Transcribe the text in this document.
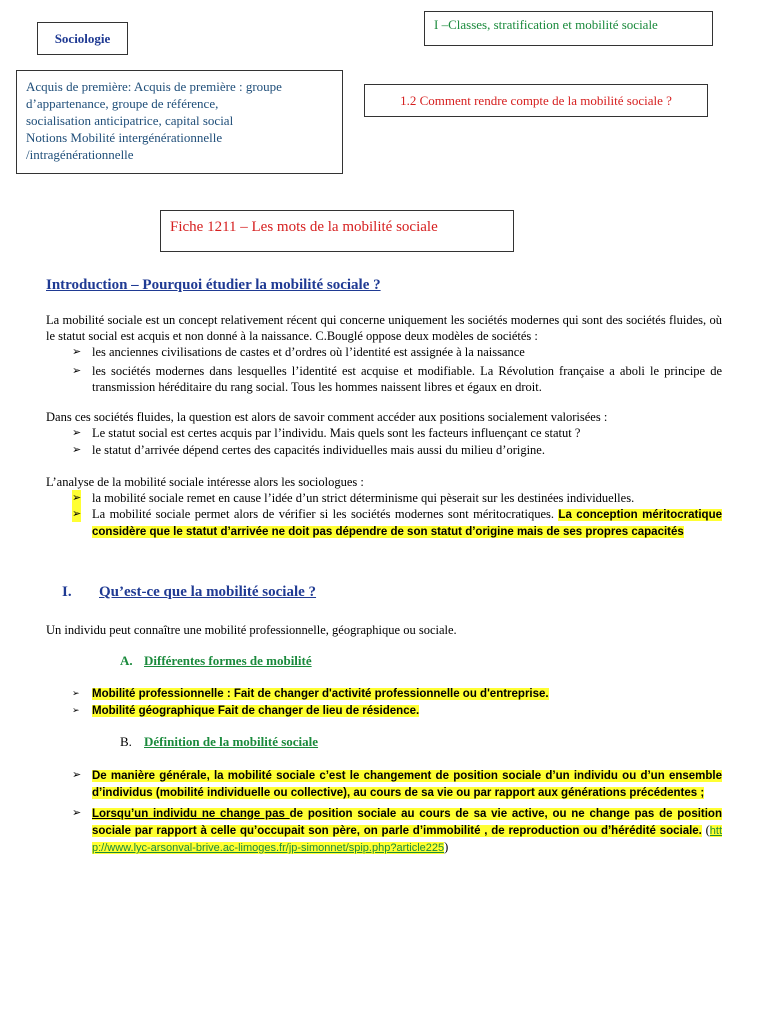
Sociologie
I –Classes, stratification et mobilité sociale
Acquis de première: Acquis de première : groupe
d’appartenance, groupe de référence,
socialisation anticipatrice, capital social
Notions Mobilité intergénérationnelle
/intragénérationnelle
1.2 Comment rendre compte de la mobilité sociale ?
Fiche 1211 – Les mots de la mobilité sociale
Introduction – Pourquoi étudier la mobilité sociale ?

La mobilité sociale est un concept relativement récent qui concerne uniquement les sociétés modernes qui sont des sociétés fluides, où le statut social est acquis et non donné à la naissance. C.Bouglé oppose deux modèles de sociétés :

➢ les anciennes civilisations de castes et d’ordres où l’identité est assignée à la naissance
➢ les sociétés modernes dans lesquelles l’identité est acquise et modifiable. La Révolution française a aboli le principe de transmission héréditaire du rang social. Tous les hommes naissent libres et égaux en droit.

Dans ces sociétés fluides, la question est alors de savoir comment accéder aux positions socialement valorisées :

➢ Le statut social est certes acquis par l’individu. Mais quels sont les facteurs influençant ce statut ?
➢ le statut d’arrivée dépend certes des capacités individuelles mais aussi du milieu d’origine.

L’analyse de la mobilité sociale intéresse alors les sociologues :

➢ la mobilité sociale remet en cause l’idée d’un strict déterminisme qui pèserait sur les destinées individuelles.
➢ La mobilité sociale permet alors de vérifier si les sociétés modernes sont méritocratiques. La conception méritocratique considère que le statut d’arrivée ne doit pas dépendre de son statut d’origine mais de ses propres capacités
I. Qu’est-ce que la mobilité sociale ?

Un individu peut connaître une mobilité professionnelle, géographique ou sociale.

A. Différentes formes de mobilité
➢ Mobilité professionnelle : Fait de changer d'activité professionnelle ou d'entreprise.
➢ Mobilité géographique Fait de changer de lieu de résidence.
B. Définition de la mobilité sociale
➢ De manière générale, la mobilité sociale c’est le changement de position sociale d’un individu ou d’un ensemble d’individus (mobilité individuelle ou collective), au cours de sa vie ou par rapport aux générations précédentes ;
➢ Lorsqu’un individu ne change pas de position sociale au cours de sa vie active, ou ne change pas de position sociale par rapport à celle qu’occupait son père, on parle d’immobilité , de reproduction ou d’hérédité sociale. (http://www.lyc-arsonval-brive.ac-limoges.fr/jp-simonnet/spip.php?article225)
